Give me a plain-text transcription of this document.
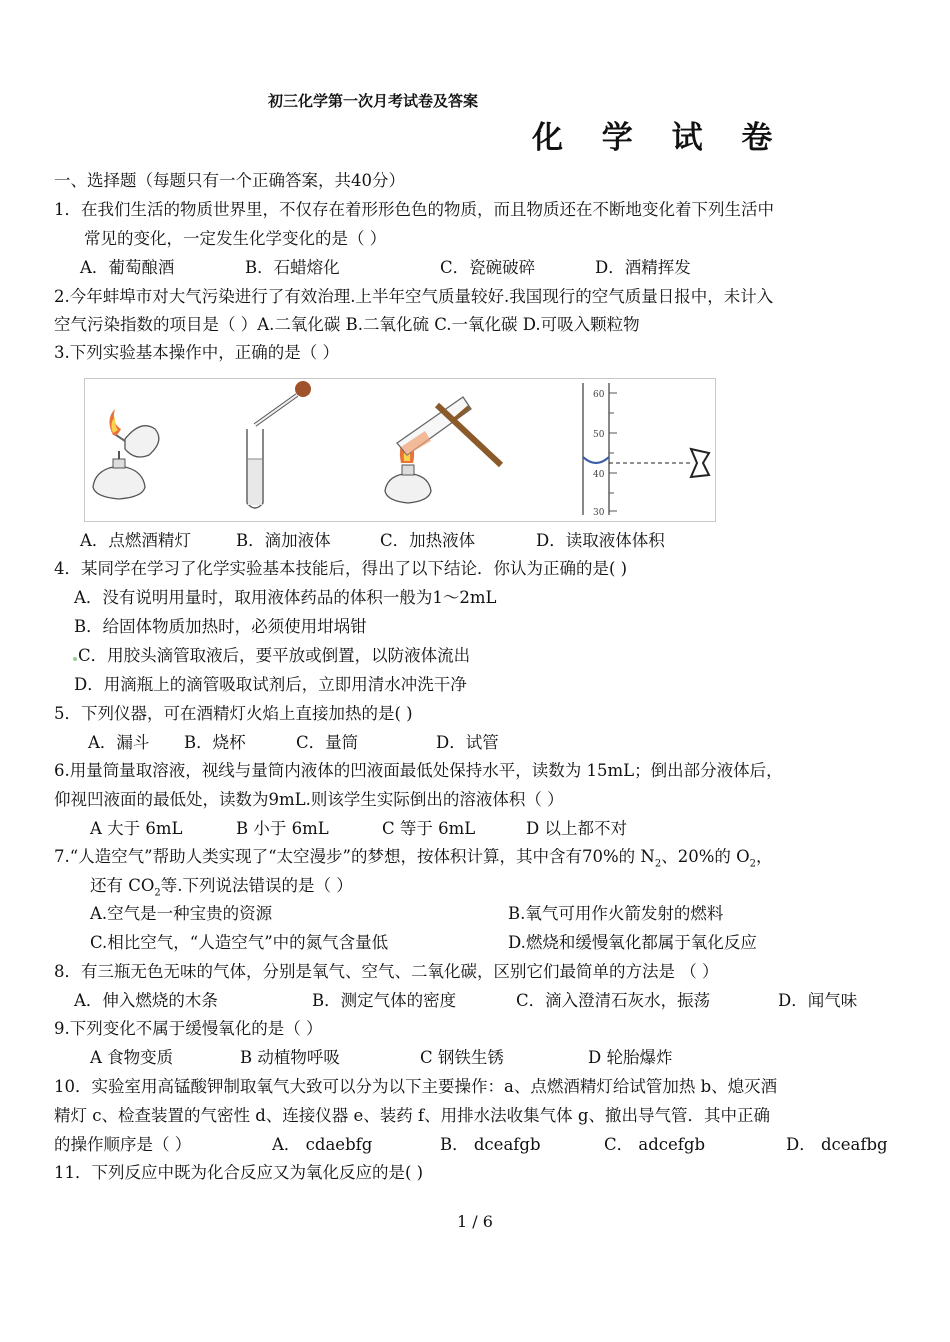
初三化学第一次月考试卷及答案
化 学 试 卷
一、选择题（每题只有一个正确答案，共40分）
1．在我们生活的物质世界里，不仅存在着形形色色的物质，而且物质还在不断地变化着下列生活中
常见的变化，一定发生化学变化的是（ ）
A．葡萄酿酒	B．石蜡熔化	C．瓷碗破碎	D．酒精挥发
2.今年蚌埠市对大气污染进行了有效治理.上半年空气质量较好.我国现行的空气质量日报中，未计入
空气污染指数的项目是（ ）A.二氧化碳 B.二氧化硫 C.一氧化碳 D.可吸入颗粒物
3.下列实验基本操作中，正确的是（ ）
60
50
40
30
A．点燃酒精灯	B．滴加液体	C．加热液体	D．读取液体体积
4．某同学在学习了化学实验基本技能后，得出了以下结论．你认为正确的是( )
A．没有说明用量时，取用液体药品的体积一般为1～2mL
B．给固体物质加热时，必须使用坩埚钳
C．用胶头滴管取液后，要平放或倒置，以防液体流出
D．用滴瓶上的滴管吸取试剂后，立即用清水冲洗干净
5．下列仪器，可在酒精灯火焰上直接加热的是( )
A．漏斗 B．烧杯	C．量筒	D．试管
6.用量筒量取溶液，视线与量筒内液体的凹液面最低处保持水平，读数为 15mL；倒出部分液体后，
仰视凹液面的最低处，读数为9mL.则该学生实际倒出的溶液体积（ ）
A 大于 6mL	B 小于 6mL	C 等于 6mL	D 以上都不对
7.“人造空气”帮助人类实现了“太空漫步”的梦想，按体积计算，其中含有70%的 $N_2$、20%的 $O_2$，
还有 $CO_2$等.下列说法错误的是（ ）
A.空气是一种宝贵的资源	B.氧气可用作火箭发射的燃料
C.相比空气，“人造空气”中的氮气含量低	D.燃烧和缓慢氧化都属于氧化反应
8．有三瓶无色无味的气体，分别是氧气、空气、二氧化碳，区别它们最简单的方法是 （ ）
A．伸入燃烧的木条	B．测定气体的密度	C．滴入澄清石灰水，振荡	D．闻气味
9.下列变化不属于缓慢氧化的是（ ）
A 食物变质	B 动植物呼吸	C 钢铁生锈	D 轮胎爆炸
10．实验室用高锰酸钾制取氧气大致可以分为以下主要操作：a、点燃酒精灯给试管加热 b、熄灭酒
精灯 c、检查装置的气密性 d、连接仪器 e、装药 f、用排水法收集气体 g、撤出导气管．其中正确
的操作顺序是（ ）	A． cdaebfg	B． dceafgb	C． adcefgb	D． dceafbg
11．下列反应中既为化合反应又为氧化反应的是( )
1 / 6
